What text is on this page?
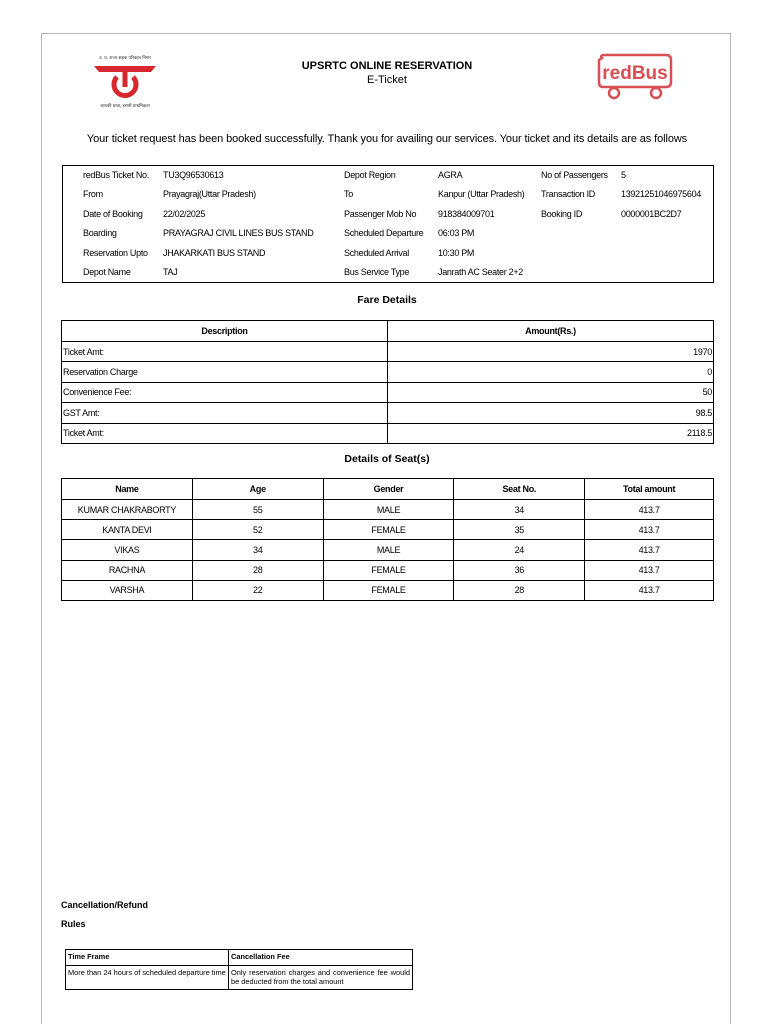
उ. प्र. राज्य सड़क परिवहन निगम
आपकी यात्रा, हमारी प्राथमिकता
UPSRTC ONLINE RESERVATION
E-Ticket	redBus
Your ticket request has been booked successfully. Thank you for availing our services. Your ticket and its details are as follows
redBus Ticket No. TU3Q96530613	Depot Region	AGRA	No of Passengers 5
From	Prayagraj(Uttar Pradesh)	To	Kanpur (Uttar Pradesh) Transaction ID	13921251046975604
Date of Booking 22/02/2025	Passenger Mob No 918384009701	Booking ID	0000001BC2D7
Boarding	PRAYAGRAJ CIVIL LINES BUS STAND	Scheduled Departure 06:03 PM
Reservation Upto JHAKARKATI BUS STAND	Scheduled Arrival	10:30 PM
Depot Name	TAJ	Bus Service Type	Janrath AC Seater 2+2
Fare Details
Description	Amount(Rs.)
Ticket Amt:	1970
Reservation Charge	0
Convenience Fee:	50
GST Amt:	98.5
Ticket Amt:	2118.5
Details of Seat(s)
Name	Age	Gender	Seat No.	Total amount
KUMAR CHAKRABORTY	55	MALE	34	413.7
KANTA DEVI	52	FEMALE	35	413.7
VIKAS	34	MALE	24	413.7
RACHNA	28	FEMALE	36	413.7
VARSHA	22	FEMALE	28	413.7
Cancellation/Refund
Rules
Time Frame	Cancellation Fee
More than 24 hours of scheduled departure time	Only reservation charges and convenience fee would be deducted from the total amount
